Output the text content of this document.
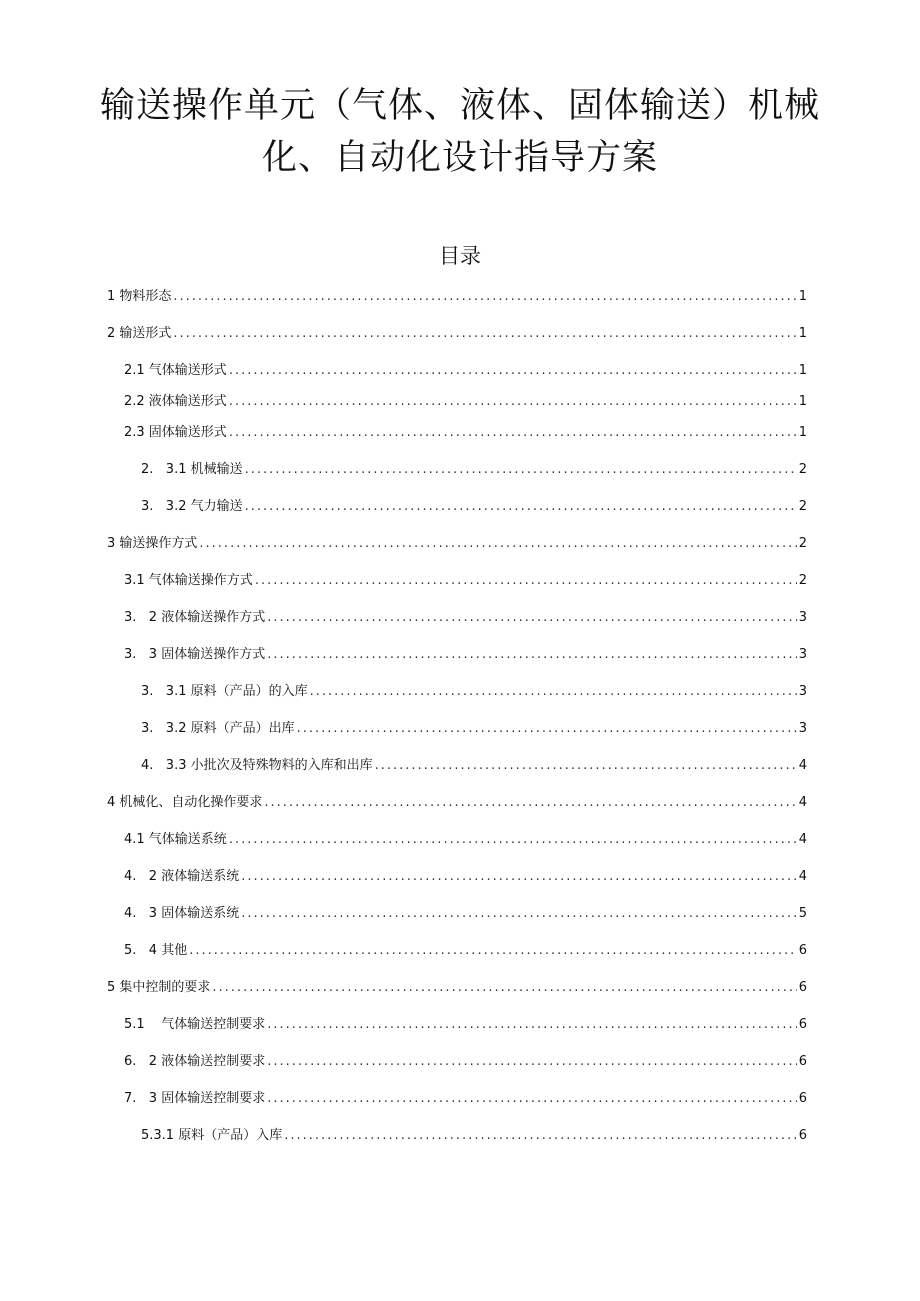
输送操作单元（气体、液体、固体输送）机械
化、自动化设计指导方案
目录
1 物料形态 .....	1
2 输送形式 .....	1
2.1 气体输送形式 .....	1
2.2 液体输送形式 .....	1
2.3 固体输送形式 .....	1
2.   3.1 机械输送 .....	2
3.   3.2 气力输送 .....	2
3 输送操作方式 .....	2
3.1 气体输送操作方式 .....	2
3.   2 液体输送操作方式 .....	3
3.   3 固体输送操作方式 .....	3
3.   3.1 原料（产品）的入库 .....	3
3.   3.2 原料（产品）出库 .....	3
4.   3.3 小批次及特殊物料的入库和出库 .....	4
4 机械化、自动化操作要求 .....	4
4.1 气体输送系统 .....	4
4.   2 液体输送系统 .....	4
4.   3 固体输送系统 .....	5
5.   4 其他 .....	6
5 集中控制的要求 .....	6
5.1    气体输送控制要求 .....	6
6.   2 液体输送控制要求 .....	6
7.   3 固体输送控制要求 .....	6
5.3.1 原料（产品）入库 .....	6
